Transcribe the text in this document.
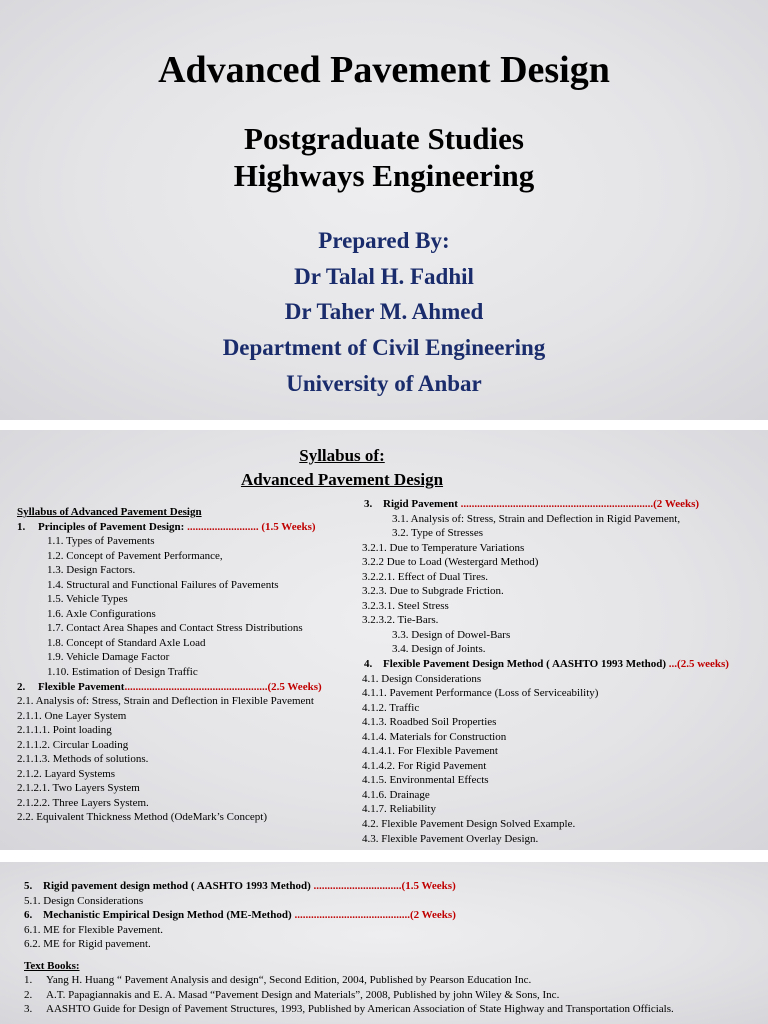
Advanced Pavement Design
Postgraduate Studies
Highways Engineering
Prepared By:
Dr Talal H. Fadhil
Dr Taher M. Ahmed
Department of Civil Engineering
University of Anbar
Syllabus of:
Advanced Pavement Design
Syllabus of Advanced Pavement Design
1. Principles of Pavement Design: .......................... (1.5 Weeks)
1.1. Types of Pavements
1.2. Concept of Pavement Performance,
1.3. Design Factors.
1.4. Structural and Functional Failures of Pavements
1.5. Vehicle Types
1.6. Axle Configurations
1.7. Contact Area Shapes and Contact Stress Distributions
1.8. Concept of Standard Axle Load
1.9. Vehicle Damage Factor
1.10. Estimation of Design Traffic
2. Flexible Pavement....................................................(2.5 Weeks)
2.1. Analysis of: Stress, Strain and Deflection in Flexible Pavement
2.1.1. One Layer System
2.1.1.1. Point loading
2.1.1.2. Circular Loading
2.1.1.3. Methods of solutions.
2.1.2. Layard Systems
2.1.2.1. Two Layers System
2.1.2.2. Three Layers System.
2.2. Equivalent Thickness Method (OdeMark’s Concept)
3. Rigid Pavement ......................................................................(2 Weeks)
3.1. Analysis of: Stress, Strain and Deflection in Rigid Pavement,
3.2. Type of Stresses
3.2.1. Due to Temperature Variations
3.2.2 Due to Load (Westergard Method)
3.2.2.1. Effect of Dual Tires.
3.2.3. Due to Subgrade Friction.
3.2.3.1. Steel Stress
3.2.3.2. Tie-Bars.
3.3. Design of Dowel-Bars
3.4. Design of Joints.
4. Flexible Pavement Design Method ( AASHTO 1993 Method) ...(2.5 weeks)
4.1. Design Considerations
4.1.1. Pavement Performance (Loss of Serviceability)
4.1.2. Traffic
4.1.3. Roadbed Soil Properties
4.1.4. Materials for Construction
4.1.4.1. For Flexible Pavement
4.1.4.2. For Rigid Pavement
4.1.5. Environmental Effects
4.1.6. Drainage
4.1.7. Reliability
4.2. Flexible Pavement Design Solved Example.
4.3. Flexible Pavement Overlay Design.
5. Rigid pavement design method ( AASHTO 1993 Method) ................................(1.5 Weeks)
5.1. Design Considerations
6. Mechanistic Empirical Design Method (ME-Method) ..........................................(2 Weeks)
6.1. ME for Flexible Pavement.
6.2. ME for Rigid pavement.
Text Books:
1. Yang H. Huang “ Pavement Analysis and design“, Second Edition, 2004, Published by Pearson Education Inc.
2. A.T. Papagiannakis and E. A. Masad “Pavement Design and Materials”, 2008, Published by john Wiley & Sons, Inc.
3. AASHTO Guide for Design of Pavement Structures, 1993, Published by American Association of State Highway and Transportation Officials.
